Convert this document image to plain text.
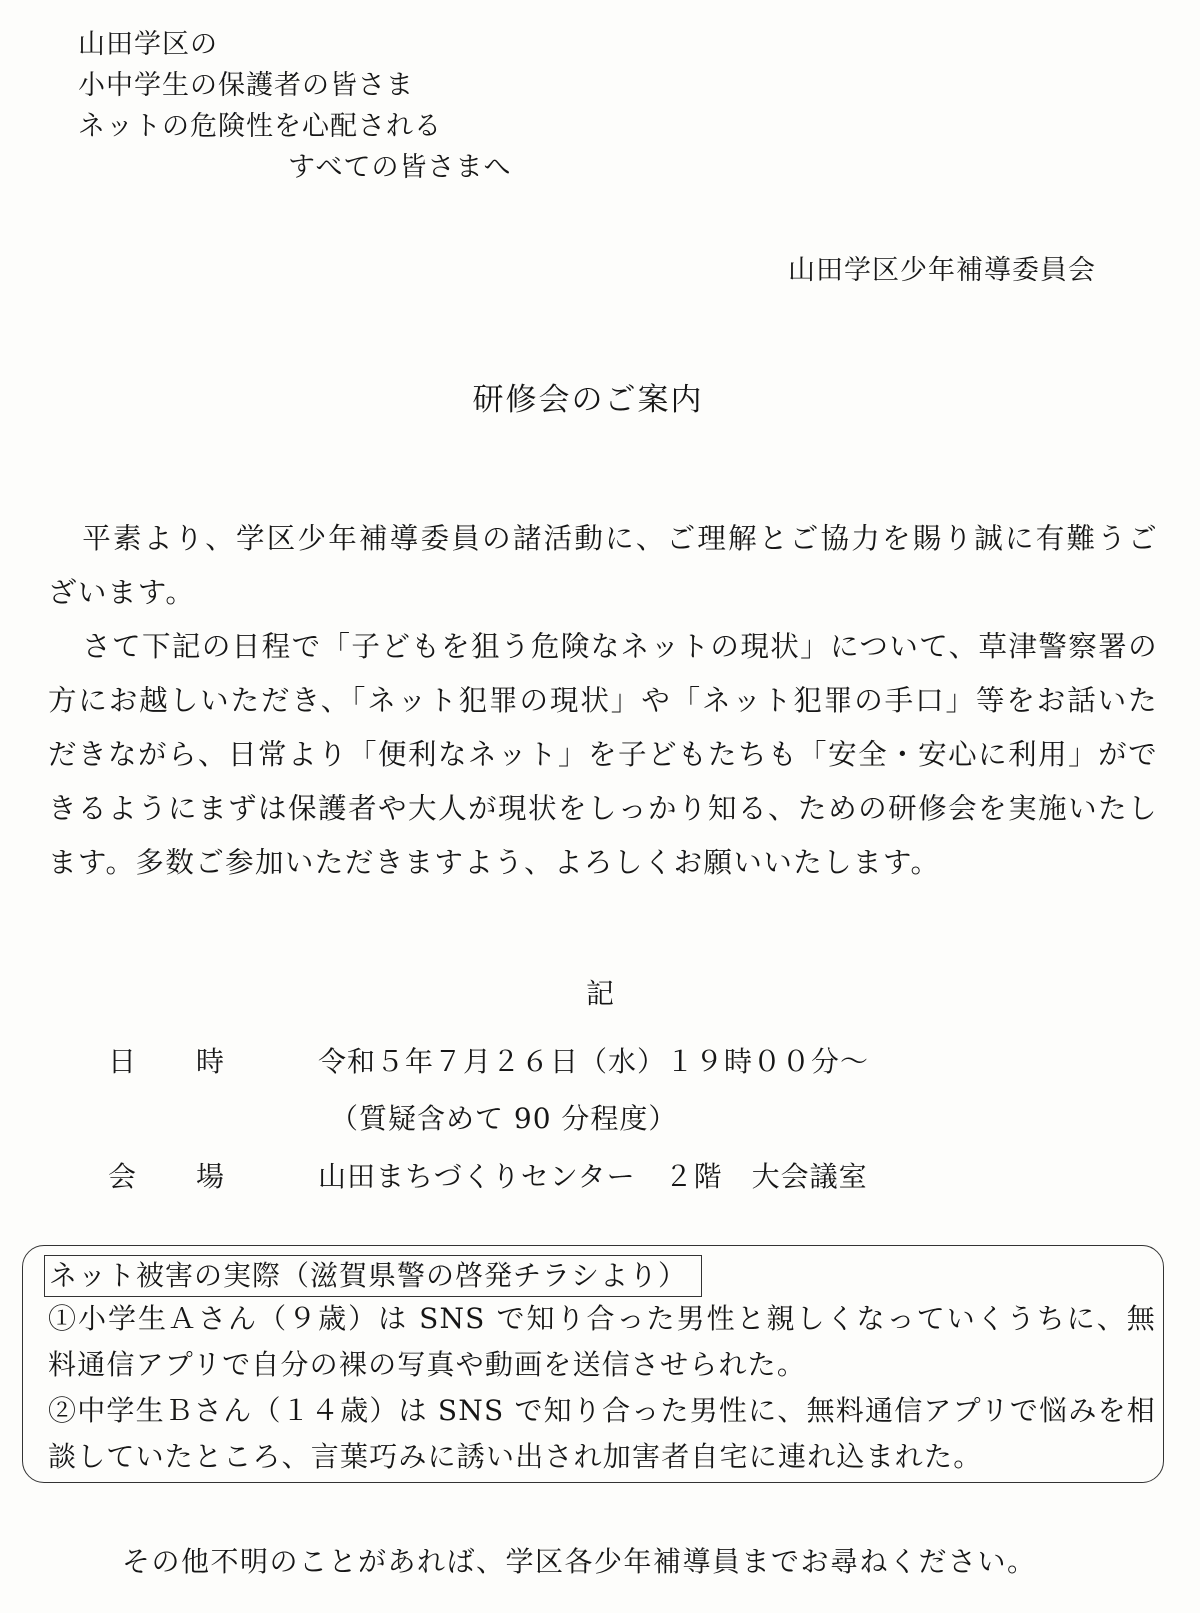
山田学区の
小中学生の保護者の皆さま
ネットの危険性を心配される
すべての皆さまへ
山田学区少年補導委員会
研修会のご案内

平素より、学区少年補導委員の諸活動に、ご理解とご協力を賜り誠に有難うございます。

さて下記の日程で「子どもを狙う危険なネットの現状」について、草津警察署の方にお越しいただき、「ネット犯罪の現状」や「ネット犯罪の手口」等をお話いただきながら、日常より「便利なネット」を子どもたちも「安全・安心に利用」ができるようにまずは保護者や大人が現状をしっかり知る、ための研修会を実施いたします。多数ご参加いただきますよう、よろしくお願いいたします。

記
日 時	令和５年７月２６日（水）１９時００分～
（質疑含めて 90 分程度）
会 場	山田まちづくりセンター　２階　大会議室
ネット被害の実際（滋賀県警の啓発チラシより）

①小学生Ａさん（９歳）は SNS で知り合った男性と親しくなっていくうちに、無料通信アプリで自分の裸の写真や動画を送信させられた。

②中学生Ｂさん（１４歳）は SNS で知り合った男性に、無料通信アプリで悩みを相談していたところ、言葉巧みに誘い出され加害者自宅に連れ込まれた。

その他不明のことがあれば、学区各少年補導員までお尋ねください。
